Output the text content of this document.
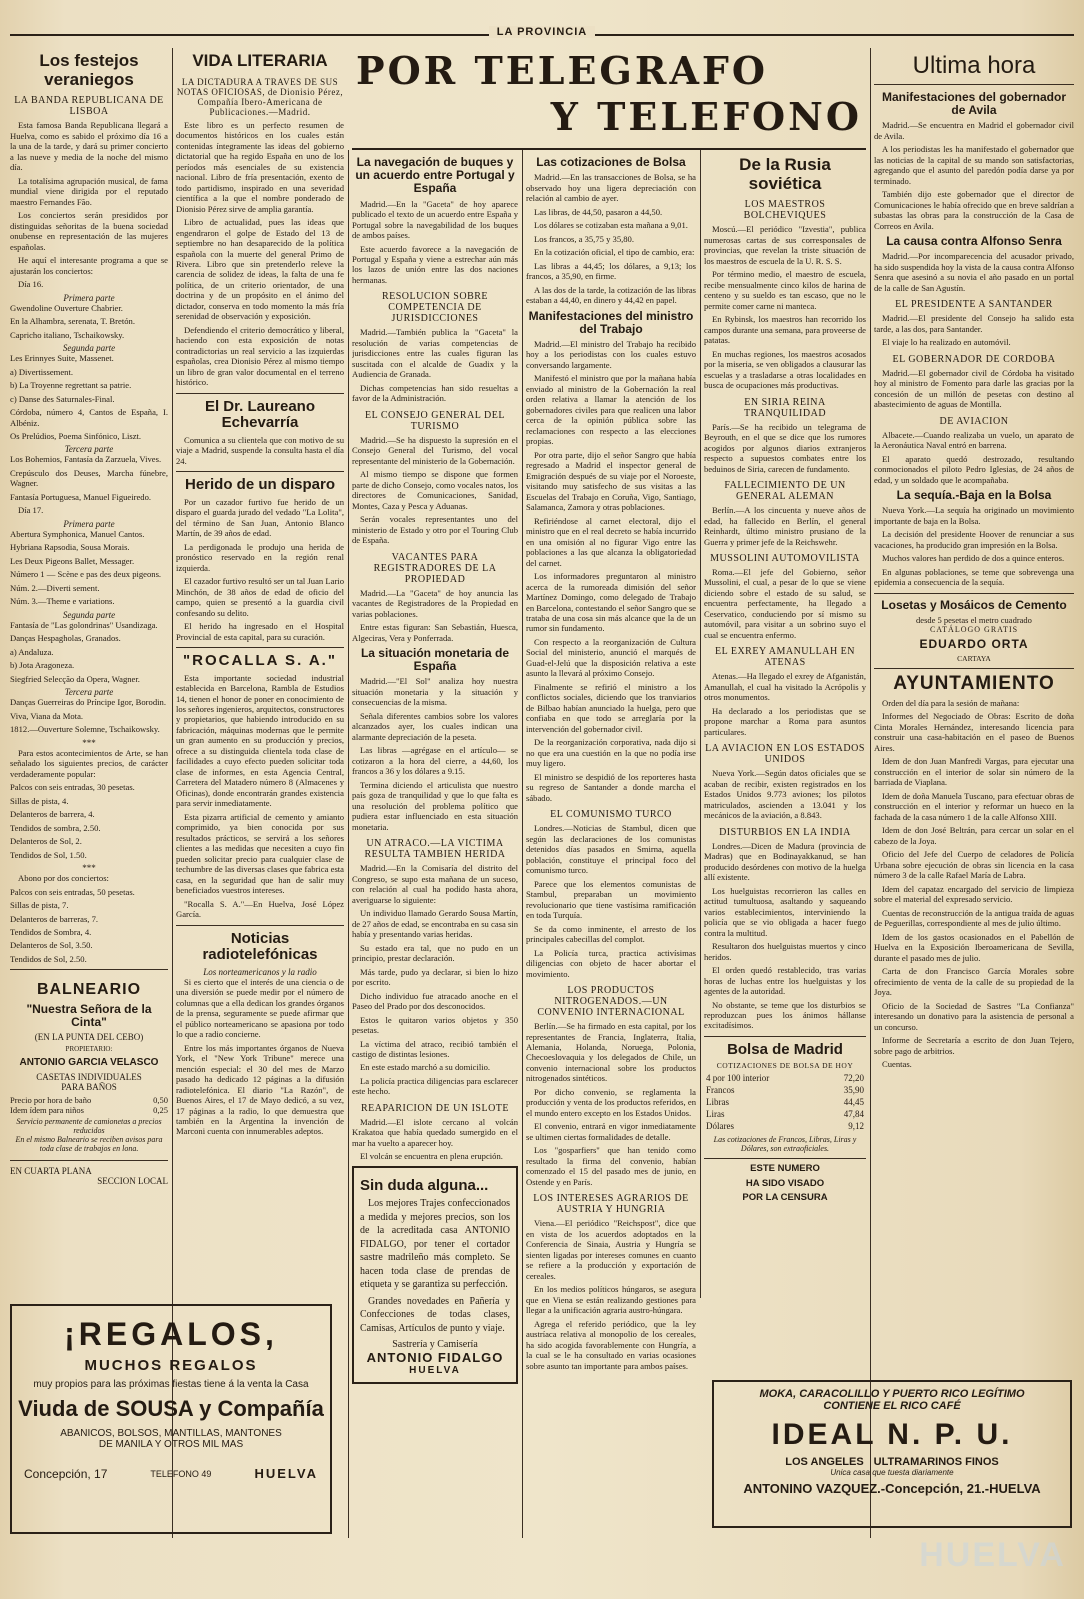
LA PROVINCIA
Los festejos veraniegos
LA BANDA REPUBLICANA DE LISBOA

Esta famosa Banda Republicana llegará a Huelva, como es sabido el próximo día 16 a la una de la tarde, y dará su primer concierto a las nueve y media de la noche del mismo día.

La totalísima agrupación musical, de fama mundial viene dirigida por el reputado maestro Fernandes Fão.

Los conciertos serán presididos por distinguidas señoritas de la buena sociedad onubense en representación de las mujeres españolas.

He aquí el interesante programa a que se ajustarán los conciertos:

Día 16.

Primera parte

Gwendoline Ouverture Chabrier.

En la Alhambra, serenata, T. Bretón.

Capricho italiano, Tschaikowsky.

Segunda parte

Les Erinnyes Suite, Massenet.

a) Divertissement.

b) La Troyenne regrettant sa patrie.

c) Danse des Saturnales-Final.

Córdoba, número 4, Cantos de España, I. Albéniz.

Os Prelúdios, Poema Sinfónico, Liszt.

Tercera parte

Los Bohemios, Fantasía da Zarzuela, Vives.

Crepúsculo dos Deuses, Marcha fúnebre, Wagner.

Fantasía Portuguesa, Manuel Figueiredo.

Día 17.

Primera parte

Abertura Symphonica, Manuel Cantos.

Hybriana Rapsodia, Sousa Morais.

Les Deux Pigeons Ballet, Messager.

Número 1 — Scène e pas des deux pigeons.

Núm. 2.—Diverti sement.

Núm. 3.—Theme e variations.

Segunda parte

Fantasía de "Las golondrinas" Usandizaga.

Danças Hespagholas, Granados.

a) Andaluza.

b) Jota Aragoneza.

Siegfried Selecção da Opera, Wagner.

Tercera parte

Danças Guerreiras do Príncipe Igor, Borodin.

Viva, Viana da Mota.

1812.—Ouverture Solemne, Tschaikowsky.

***

Para estos acontecimientos de Arte, se han señalado los siguientes precios, de carácter verdaderamente popular:

Palcos con seis entradas, 30 pesetas.

Sillas de pista, 4.

Delanteros de barrera, 4.

Tendidos de sombra, 2.50.

Delanteros de Sol, 2.

Tendidos de Sol, 1.50.

***

Abono por dos conciertos:

Palcos con seis entradas, 50 pesetas.

Sillas de pista, 7.

Delanteros de barreras, 7.

Tendidos de Sombra, 4.

Delanteros de Sol, 3.50.

Tendidos de Sol, 2.50.

BALNEARIO
"Nuestra Señora de la Cinta"
(EN LA PUNTA DEL CEBO)
PROPIETARIO:
ANTONIO GARCIA VELASCO
CASETAS INDIVIDUALES
PARA BAÑOS
Precio por hora de baño	0,50
Idem ídem para niños	0,25
Servicio permanente de camionetas a precios reducidos
En el mismo Balneario se reciben avisos para toda clase de trabajos en lona.
EN CUARTA PLANA
SECCION LOCAL
VIDA LITERARIA
LA DICTADURA A TRAVES DE SUS NOTAS OFICIOSAS, de Dionisio Pérez, Compañía Ibero-Americana de Publicaciones.—Madrid.

Este libro es un perfecto resumen de documentos históricos en los cuales están contenidas íntegramente las ideas del gobierno dictatorial que ha regido España en uno de los períodos más esenciales de su existencia nacional. Libro de fría presentación, exento de todo partidismo, inspirado en una severidad científica a la que el nombre ponderado de Dionisio Pérez sirve de amplia garantía.

Libro de actualidad, pues las ideas que engendraron el golpe de Estado del 13 de septiembre no han desaparecido de la política española con la muerte del general Primo de Rivera. Libro que sin pretenderlo releve la carencia de solidez de ideas, la falta de una fe política, de un criterio orientador, de una doctrina y de un propósito en el ánimo del dictador, conserva en todo momento la más fría serenidad de observación y exposición.

Defendiendo el criterio democrático y liberal, haciendo con esta exposición de notas contradictorias un real servicio a las izquierdas españolas, crea Dionisio Pérez al mismo tiempo un libro de gran valor documental en el terreno histórico.

El Dr. Laureano Echevarría

Comunica a su clientela que con motivo de su viaje a Madrid, suspende la consulta hasta el día 24.

Herido de un disparo

Por un cazador furtivo fue herido de un disparo el guarda jurado del vedado "La Lolita", del término de San Juan, Antonio Blanco Martín, de 39 años de edad.

La perdigonada le produjo una herida de pronóstico reservado en la región renal izquierda.

El cazador furtivo resultó ser un tal Juan Lario Minchón, de 38 años de edad de oficio del campo, quien se presentó a la guardia civil confesando su delito.

El herido ha ingresado en el Hospital Provincial de esta capital, para su curación.

"ROCALLA S. A."

Esta importante sociedad industrial establecida en Barcelona, Rambla de Estudios 14, tienen el honor de poner en conocimiento de los señores ingenieros, arquitectos, constructores y propietarios, que habiendo introducido en su fabricación, máquinas modernas que le permite un gran aumento en su producción y precios, ofrece a su distinguida clientela toda clase de facilidades a cuyo efecto pueden solicitar toda clase de informes, en esta Agencia Central, Carretera del Matadero número 8 (Almacenes y Oficinas), donde encontrarán grandes existencia para servir inmediatamente.

Esta pizarra artificial de cemento y amianto comprimido, ya bien conocida por sus resultados prácticos, se servirá a los señores clientes a las medidas que necesiten a cuyo fin pueden solicitar precio para cualquier clase de techumbre de las diversas clases que fabrica esta casa, en la seguridad que han de salir muy beneficiados vuestros intereses.

"Rocalla S. A."—En Huelva, José López García.

Noticias radiotelefónicas
Los norteamericanos y la radio

Si es cierto que el interés de una ciencia o de una diversión se puede medir por el número de columnas que a ella dedican los grandes órganos de la prensa, seguramente se puede afirmar que el público norteamericano se apasiona por todo lo que a radio concierne.

Entre los más importantes órganos de Nueva York, el "New York Tribune" merece una mención especial: el 30 del mes de Marzo pasado ha dedicado 12 páginas a la difusión radiotelefónica. El diario "La Razón", de Buenos Aires, el 17 de Mayo dedicó, a su vez, 17 páginas a la radio, lo que demuestra que también en la Argentina la invención de Marconi cuenta con innumerables adeptos.

POR TELEGRAFO
Y TELEFONO
La navegación de buques y un acuerdo entre Portugal y España

Madrid.—En la "Gaceta" de hoy aparece publicado el texto de un acuerdo entre España y Portugal sobre la navegabilidad de los buques de ambos países.

Este acuerdo favorece a la navegación de Portugal y España y viene a estrechar aún más los lazos de unión entre las dos naciones hermanas.

RESOLUCION SOBRE COMPETENCIA DE JURISDICCIONES

Madrid.—También publica la "Gaceta" la resolución de varias competencias de jurisdicciones entre las cuales figuran las suscitada con el alcalde de Guadix y la Audiencia de Granada.

Dichas competencias han sido resueltas a favor de la Administración.

EL CONSEJO GENERAL DEL TURISMO

Madrid.—Se ha dispuesto la supresión en el Consejo General del Turismo, del vocal representante del ministerio de la Gobernación.

Al mismo tiempo se dispone que formen parte de dicho Consejo, como vocales natos, los directores de Comunicaciones, Sanidad, Montes, Caza y Pesca y Aduanas.

Serán vocales representantes uno del ministerio de Estado y otro por el Touring Club de España.

VACANTES PARA REGISTRADORES DE LA PROPIEDAD

Madrid.—La "Gaceta" de hoy anuncia las vacantes de Registradores de la Propiedad en varias poblaciones.

Entre estas figuran: San Sebastián, Huesca, Algeciras, Vera y Ponferrada.

La situación monetaria de España

Madrid.—"El Sol" analiza hoy nuestra situación monetaria y la situación y consecuencias de la misma.

Señala diferentes cambios sobre los valores alcanzados ayer, los cuales indican una alarmante depreciación de la peseta.

Las libras —agrégase en el artículo— se cotizaron a la hora del cierre, a 44,60, los francos a 36 y los dólares a 9.15.

Termina diciendo el articulista que nuestro país goza de tranquilidad y que lo que falta es una resolución del problema político que pudiera estar influenciado en esta situación monetaria.

UN ATRACO.—LA VICTIMA RESULTA TAMBIEN HERIDA

Madrid.—En la Comisaría del distrito del Congreso, se supo esta mañana de un suceso, con relación al cual ha podido hasta ahora, averiguarse lo siguiente:

Un individuo llamado Gerardo Sousa Martín, de 27 años de edad, se encontraba en su casa sin había y presentando varias heridas.

Su estado era tal, que no pudo en un principio, prestar declaración.

Más tarde, pudo ya declarar, si bien lo hizo por escrito.

Dicho individuo fue atracado anoche en el Paseo del Prado por dos desconocidos.

Estos le quitaron varios objetos y 350 pesetas.

La víctima del atraco, recibió también el castigo de distintas lesiones.

En este estado marchó a su domicilio.

La policía practica diligencias para esclarecer este hecho.

REAPARICION DE UN ISLOTE

Madrid.—El islote cercano al volcán Krakatoa que había quedado sumergido en el mar ha vuelto a aparecer hoy.

El volcán se encuentra en plena erupción.

Sin duda alguna...

Los mejores Trajes confeccionados a medida y mejores precios, son los de la acreditada casa ANTONIO FIDALGO, por tener el cortador sastre madrileño más completo. Se hacen toda clase de prendas de etiqueta y se garantiza su perfección.

Grandes novedades en Pañería y Confecciones de todas clases, Camisas, Artículos de punto y viaje.

Sastrería y Camisería
ANTONIO FIDALGO
HUELVA
Las cotizaciones de Bolsa

Madrid.—En las transacciones de Bolsa, se ha observado hoy una ligera depreciación con relación al cambio de ayer.

Las libras, de 44,50, pasaron a 44,50.

Los dólares se cotizaban esta mañana a 9,01.

Los francos, a 35,75 y 35,80.

En la cotización oficial, el tipo de cambio, era:

Las libras a 44,45; los dólares, a 9,13; los francos, a 35,90, en firme.

A las dos de la tarde, la cotización de las libras estaban a 44,40, en dinero y 44,42 en papel.

Manifestaciones del ministro del Trabajo

Madrid.—El ministro del Trabajo ha recibido hoy a los periodistas con los cuales estuvo conversando largamente.

Manifestó el ministro que por la mañana había enviado al ministro de la Gobernación la real orden relativa a llamar la atención de los gobernadores civiles para que realicen una labor cerca de la opinión pública sobre las reclamaciones con respecto a las elecciones propias.

Por otra parte, dijo el señor Sangro que había regresado a Madrid el inspector general de Emigración después de su viaje por el Noroeste, visitando muy satisfecho de sus visitas a las Escuelas del Trabajo en Coruña, Vigo, Santiago, Salamanca, Zamora y otras poblaciones.

Refiriéndose al carnet electoral, dijo el ministro que en el real decreto se había incurrido en una omisión al no figurar Vigo entre las poblaciones a las que alcanza la obligatoriedad del carnet.

Los informadores preguntaron al ministro acerca de la rumoreada dimisión del señor Martínez Domingo, como delegado de Trabajo en Barcelona, contestando el señor Sangro que se trataba de una cosa sin más alcance que la de un rumor sin fundamento.

Con respecto a la reorganización de Cultura Social del ministerio, anunció el marqués de Guad-el-Jelú que la disposición relativa a este asunto la llevará al próximo Consejo.

Finalmente se refirió el ministro a los conflictos sociales, diciendo que los tranviarios de Bilbao habían anunciado la huelga, pero que confiaba en que todo se arreglaría por la intervención del gobernador civil.

De la reorganización corporativa, nada dijo si no que era una cuestión en la que no podía irse muy ligero.

El ministro se despidió de los reporteres hasta su regreso de Santander a donde marcha el sábado.

EL COMUNISMO TURCO

Londres.—Noticias de Stambul, dicen que según las declaraciones de los comunistas detenidos días pasados en Smirna, aquella población, constituye el principal foco del comunismo turco.

Parece que los elementos comunistas de Stambul, preparaban un movimiento revolucionario que tiene vastísima ramificación en toda Turquía.

Se da como inminente, el arresto de los principales cabecillas del complot.

La Policía turca, practica activísimas diligencias con objeto de hacer abortar el movimiento.

LOS PRODUCTOS NITROGENADOS.—UN CONVENIO INTERNACIONAL

Berlín.—Se ha firmado en esta capital, por los representantes de Francia, Inglaterra, Italia, Alemania, Holanda, Noruega, Polonia, Checoeslovaquia y los delegados de Chile, un convenio internacional sobre los productos nitrogenados sintéticos.

Por dicho convenio, se reglamenta la producción y venta de los productos referidos, en el mundo entero excepto en los Estados Unidos.

El convenio, entrará en vigor inmediatamente se ultimen ciertas formalidades de detalle.

Los "gosparfiers" que han tenido como resultado la firma del convenio, habían comenzado el 15 del pasado mes de junio, en Ostende y en París.

LOS INTERESES AGRARIOS DE AUSTRIA Y HUNGRIA

Viena.—El periódico "Reichspost", dice que en vista de los acuerdos adoptados en la Conferencia de Sinaia, Austria y Hungría se sienten ligadas por intereses comunes en cuanto se refiere a la producción y exportación de cereales.

En los medios políticos húngaros, se asegura que en Viena se están realizando gestiones para llegar a la unificación agraria austro-húngara.

Agrega el referido periódico, que la ley austríaca relativa al monopolio de los cereales, ha sido acogida favorablemente con Hungría, a la cual se le ha consultado en varias ocasiones sobre asunto tan importante para ambos países.

De la Rusia soviética
LOS MAESTROS BOLCHEVIQUES

Moscú.—El periódico "Izvestia", publica numerosas cartas de sus corresponsales de provincias, que revelan la triste situación de los maestros de escuela de la U. R. S. S.

Por término medio, el maestro de escuela, recibe mensualmente cinco kilos de harina de centeno y su sueldo es tan escaso, que no le permite comer carne ni manteca.

En Rybinsk, los maestros han recorrido los campos durante una semana, para proveerse de patatas.

En muchas regiones, los maestros acosados por la miseria, se ven obligados a clausurar las escuelas y a trasladarse a otras localidades en busca de ocupaciones más productivas.

EN SIRIA REINA TRANQUILIDAD

París.—Se ha recibido un telegrama de Beyrouth, en el que se dice que los rumores acogidos por algunos diarios extranjeros respecto a supuestos combates entre los beduinos de Siria, carecen de fundamento.

FALLECIMIENTO DE UN GENERAL ALEMAN

Berlín.—A los cincuenta y nueve años de edad, ha fallecido en Berlín, el general Reinhardt, último ministro prusiano de la Guerra y primer jefe de la Reichswehr.

MUSSOLINI AUTOMOVILISTA

Roma.—El jefe del Gobierno, señor Mussolini, el cual, a pesar de lo que se viene diciendo sobre el estado de su salud, se encuentra perfectamente, ha llegado a Ceservatico, conduciendo por sí mismo su automóvil, para visitar a un sobrino suyo el cual se encuentra enfermo.

EL EXREY AMANULLAH EN ATENAS

Atenas.—Ha llegado el exrey de Afganistán, Amanullah, el cual ha visitado la Acrópolis y otros monumentos.

Ha declarado a los periodistas que se propone marchar a Roma para asuntos particulares.

LA AVIACION EN LOS ESTADOS UNIDOS

Nueva York.—Según datos oficiales que se acaban de recibir, existen registrados en los Estados Unidos 9.773 aviones; los pilotos matriculados, ascienden a 13.041 y los mecánicos de la aviación, a 8.843.

DISTURBIOS EN LA INDIA

Londres.—Dicen de Madura (provincia de Madras) que en Bodinayakkanud, se han producido desórdenes con motivo de la huelga allí existente.

Los huelguistas recorrieron las calles en actitud tumultuosa, asaltando y saqueando varios establecimientos, interviniendo la policía que se vio obligada a hacer fuego contra la multitud.

Resultaron dos huelguistas muertos y cinco heridos.

El orden quedó restablecido, tras varias horas de luchas entre los huelguistas y los agentes de la autoridad.

No obstante, se teme que los disturbios se reproduzcan pues los ánimos hállanse excitadísimos.

Bolsa de Madrid
COTIZACIONES DE BOLSA DE HOY
4 por 100 interior	72,20
Francos	35,90
Libras	44,45
Liras	47,84
Dólares	9,12
Las cotizaciones de Francos, Libras, Liras y Dólares, son extraoficiales.
ESTE NUMERO
HA SIDO VISADO
POR LA CENSURA
Ultima hora
Manifestaciones del gobernador de Avila

Madrid.—Se encuentra en Madrid el gobernador civil de Avila.

A los periodistas les ha manifestado el gobernador que las noticias de la capital de su mando son satisfactorias, agregando que el asunto del paredón podía darse ya por terminado.

También dijo este gobernador que el director de Comunicaciones le había ofrecido que en breve saldrían a subastas las obras para la construcción de la Casa de Correos en Avila.

La causa contra Alfonso Senra

Madrid.—Por incomparecencia del acusador privado, ha sido suspendida hoy la vista de la causa contra Alfonso Senra que asesinó a su novia el año pasado en un portal de la calle de San Agustín.

EL PRESIDENTE A SANTANDER

Madrid.—El presidente del Consejo ha salido esta tarde, a las dos, para Santander.

El viaje lo ha realizado en automóvil.

EL GOBERNADOR DE CORDOBA

Madrid.—El gobernador civil de Córdoba ha visitado hoy al ministro de Fomento para darle las gracias por la concesión de un millón de pesetas con destino al abastecimiento de aguas de Montilla.

DE AVIACION

Albacete.—Cuando realizaba un vuelo, un aparato de la Aeronáutica Naval entró en barrena.

El aparato quedó destrozado, resultando conmocionados el piloto Pedro Iglesias, de 24 años de edad, y un soldado que le acompañaba.

La sequía.-Baja en la Bolsa

Nueva York.—La sequía ha originado un movimiento importante de baja en la Bolsa.

La decisión del presidente Hoover de renunciar a sus vacaciones, ha producido gran impresión en la Bolsa.

Muchos valores han perdido de dos a quince enteros.

En algunas poblaciones, se teme que sobrevenga una epidemia a consecuencia de la sequía.

Losetas y Mosáicos de Cemento
desde 5 pesetas el metro cuadrado
CATÁLOGO GRATIS
EDUARDO ORTA
CARTAYA
AYUNTAMIENTO

Orden del día para la sesión de mañana:

Informes del Negociado de Obras: Escrito de doña Cinta Morales Hernández, interesando licencia para construir una casa-habitación en el paseo de Buenos Aires.

Idem de don Juan Manfredi Vargas, para ejecutar una construcción en el interior de solar sin número de la barriada de Viaplana.

Idem de doña Manuela Tuscano, para efectuar obras de construcción en el interior y reformar un hueco en la fachada de la casa número 1 de la calle Alfonso XIII.

Idem de don José Beltrán, para cercar un solar en el cabezo de la Joya.

Oficio del Jefe del Cuerpo de celadores de Policía Urbana sobre ejecución de obras sin licencia en la casa número 3 de la calle Rafael María de Labra.

Idem del capataz encargado del servicio de limpieza sobre el material del expresado servicio.

Cuentas de reconstrucción de la antigua traída de aguas de Peguerillas, correspondiente al mes de julio último.

Idem de los gastos ocasionados en el Pabellón de Huelva en la Exposición Iberoamericana de Sevilla, durante el pasado mes de julio.

Carta de don Francisco García Morales sobre ofrecimiento de venta de la calle de su propiedad de la Joya.

Oficio de la Sociedad de Sastres "La Confianza" interesando un donativo para la asistencia de personal a un concurso.

Informe de Secretaría a escrito de don Juan Tejero, sobre pago de arbitrios.

Cuentas.

¡REGALOS,
MUCHOS REGALOS
muy propios para las próximas fiestas tiene á la venta la Casa
Viuda de SOUSA y Compañía
ABANICOS, BOLSOS, MANTILLAS, MANTONES
DE MANILA Y OTROS MIL MAS
Concepción, 17	TELEFONO 49	HUELVA
MOKA, CARACOLILLO Y PUERTO RICO LEGÍTIMO
CONTIENE EL RICO CAFÉ
IDEAL N. P. U.
LOS ANGELES ULTRAMARINOS FINOS
Unica casa que tuesta diariamente
ANTONINO VAZQUEZ.-Concepción, 21.-HUELVA
HUELVA
